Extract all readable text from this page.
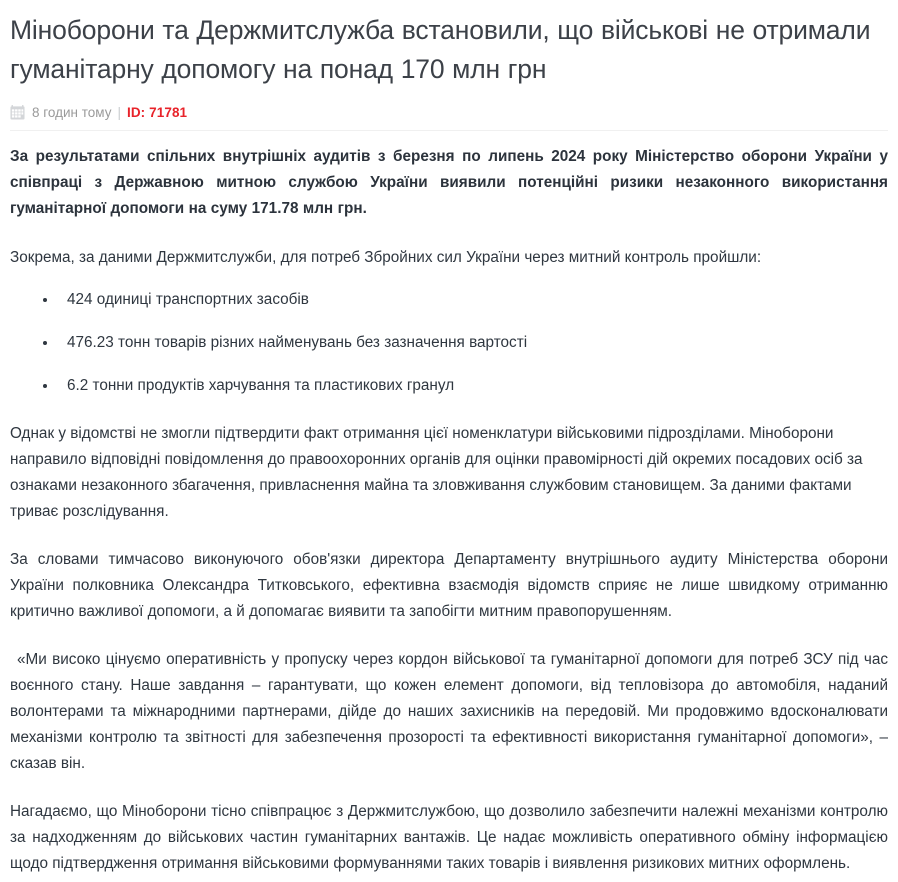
Міноборони та Держмитслужба встановили, що військові не отримали гуманітарну допомогу на понад 170 млн грн
8 годин тому | ID: 71781

За результатами спільних внутрішніх аудитів з березня по липень 2024 року Міністерство оборони України у співпраці з Державною митною службою України виявили потенційні ризики незаконного використання гуманітарної допомоги на суму 171.78 млн грн.

Зокрема, за даними Держмитслужби, для потреб Збройних сил України через митний контроль пройшли:

424 одиниці транспортних засобів
476.23 тонн товарів різних найменувань без зазначення вартості
6.2 тонни продуктів харчування та пластикових гранул

Однак у відомстві не змогли підтвердити факт отримання цієї номенклатури військовими підрозділами. Міноборони направило відповідні повідомлення до правоохоронних органів для оцінки правомірності дій окремих посадових осіб за ознаками незаконного збагачення, привласнення майна та зловживання службовим становищем. За даними фактами триває розслідування.

За словами тимчасово виконуючого обов'язки директора Департаменту внутрішнього аудиту Міністерства оборони України полковника Олександра Титковського, ефективна взаємодія відомств сприяє не лише швидкому отриманню критично важливої допомоги, а й допомагає виявити та запобігти митним правопорушенням.

«Ми високо цінуємо оперативність у пропуску через кордон військової та гуманітарної допомоги для потреб ЗСУ під час воєнного стану. Наше завдання – гарантувати, що кожен елемент допомоги, від тепловізора до автомобіля, наданий волонтерами та міжнародними партнерами, дійде до наших захисників на передовій. Ми продовжимо вдосконалювати механізми контролю та звітності для забезпечення прозорості та ефективності використання гуманітарної допомоги», – сказав він.

Нагадаємо, що Міноборони тісно співпрацює з Держмитслужбою, що дозволило забезпечити належні механізми контролю за надходженням до військових частин гуманітарних вантажів. Це надає можливість оперативного обміну інформацією щодо підтвердження отримання військовими формуваннями таких товарів і виявлення ризикових митних оформлень.
